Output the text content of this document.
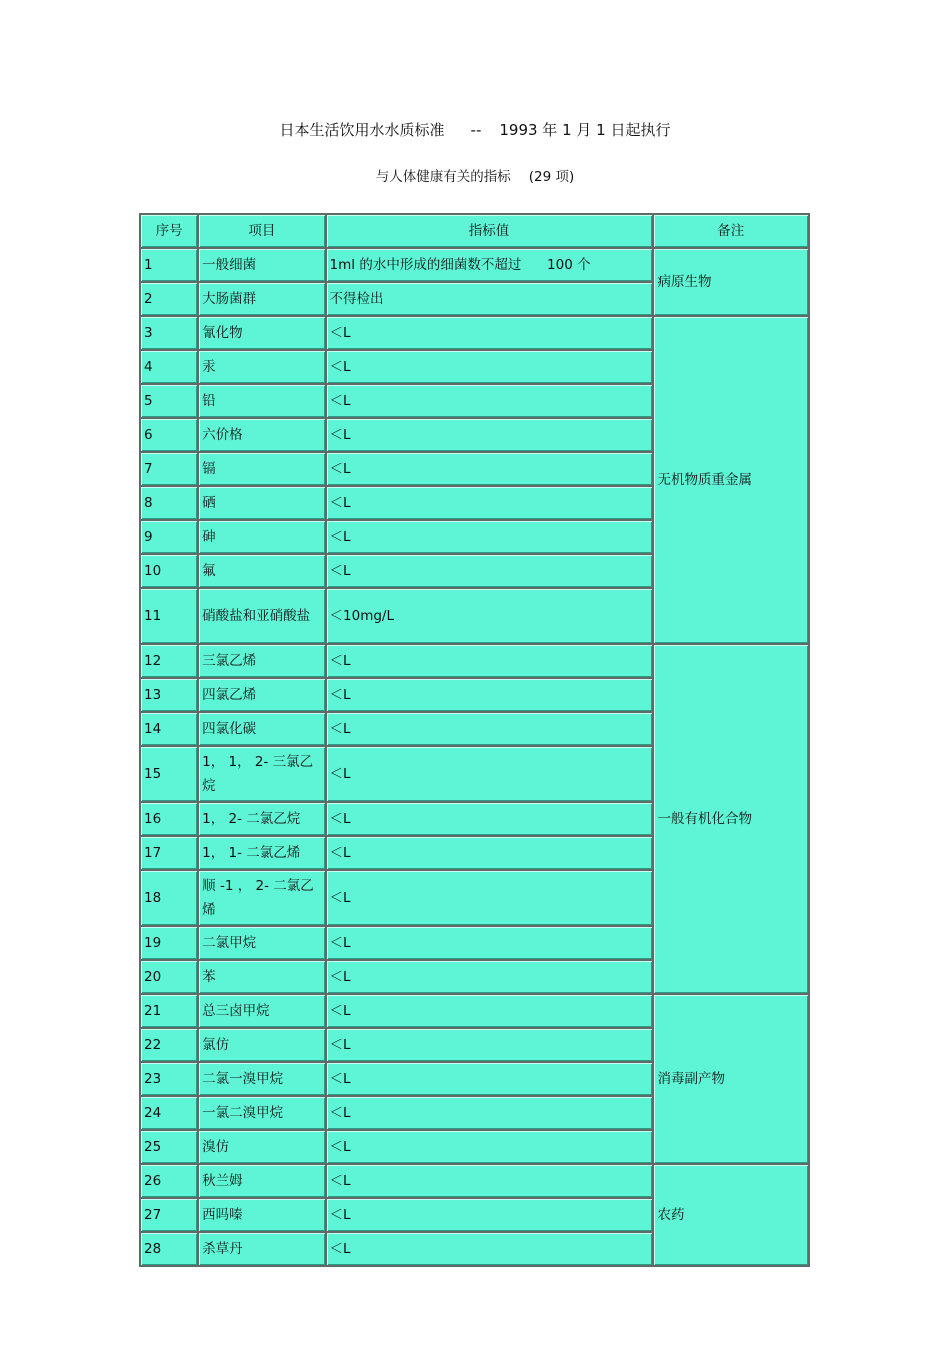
日本生活饮用水水质标准 -- 1993 年 1 月 1 日起执行
与人体健康有关的指标 (29 项)
序号	项目	指标值	备注
1	一般细菌	1ml 的水中形成的细菌数不超过      100 个	病原生物
2	大肠菌群	不得检出	
3	氰化物	＜L	无机物质重金属
4	汞	＜L	
5	铅	＜L	
6	六价格	＜L	
7	镉	＜L	
8	硒	＜L	
9	砷	＜L	
10	氟	＜L	
11	硝酸盐和亚硝酸盐	＜10mg/L	
12	三氯乙烯	＜L	一般有机化合物
13	四氯乙烯	＜L	
14	四氯化碳	＜L	
15	1， 1， 2- 三氯乙烷	＜L	
16	1， 2- 二氯乙烷	＜L	
17	1， 1- 二氯乙烯	＜L	
18	顺 -1 ， 2- 二氯乙烯	＜L	
19	二氯甲烷	＜L	
20	苯	＜L	
21	总三卤甲烷	＜L	消毒副产物
22	氯仿	＜L	
23	二氯一溴甲烷	＜L	
24	一氯二溴甲烷	＜L	
25	溴仿	＜L	
26	秋兰姆	＜L	农药
27	西吗嗪	＜L	
28	杀草丹	＜L	
